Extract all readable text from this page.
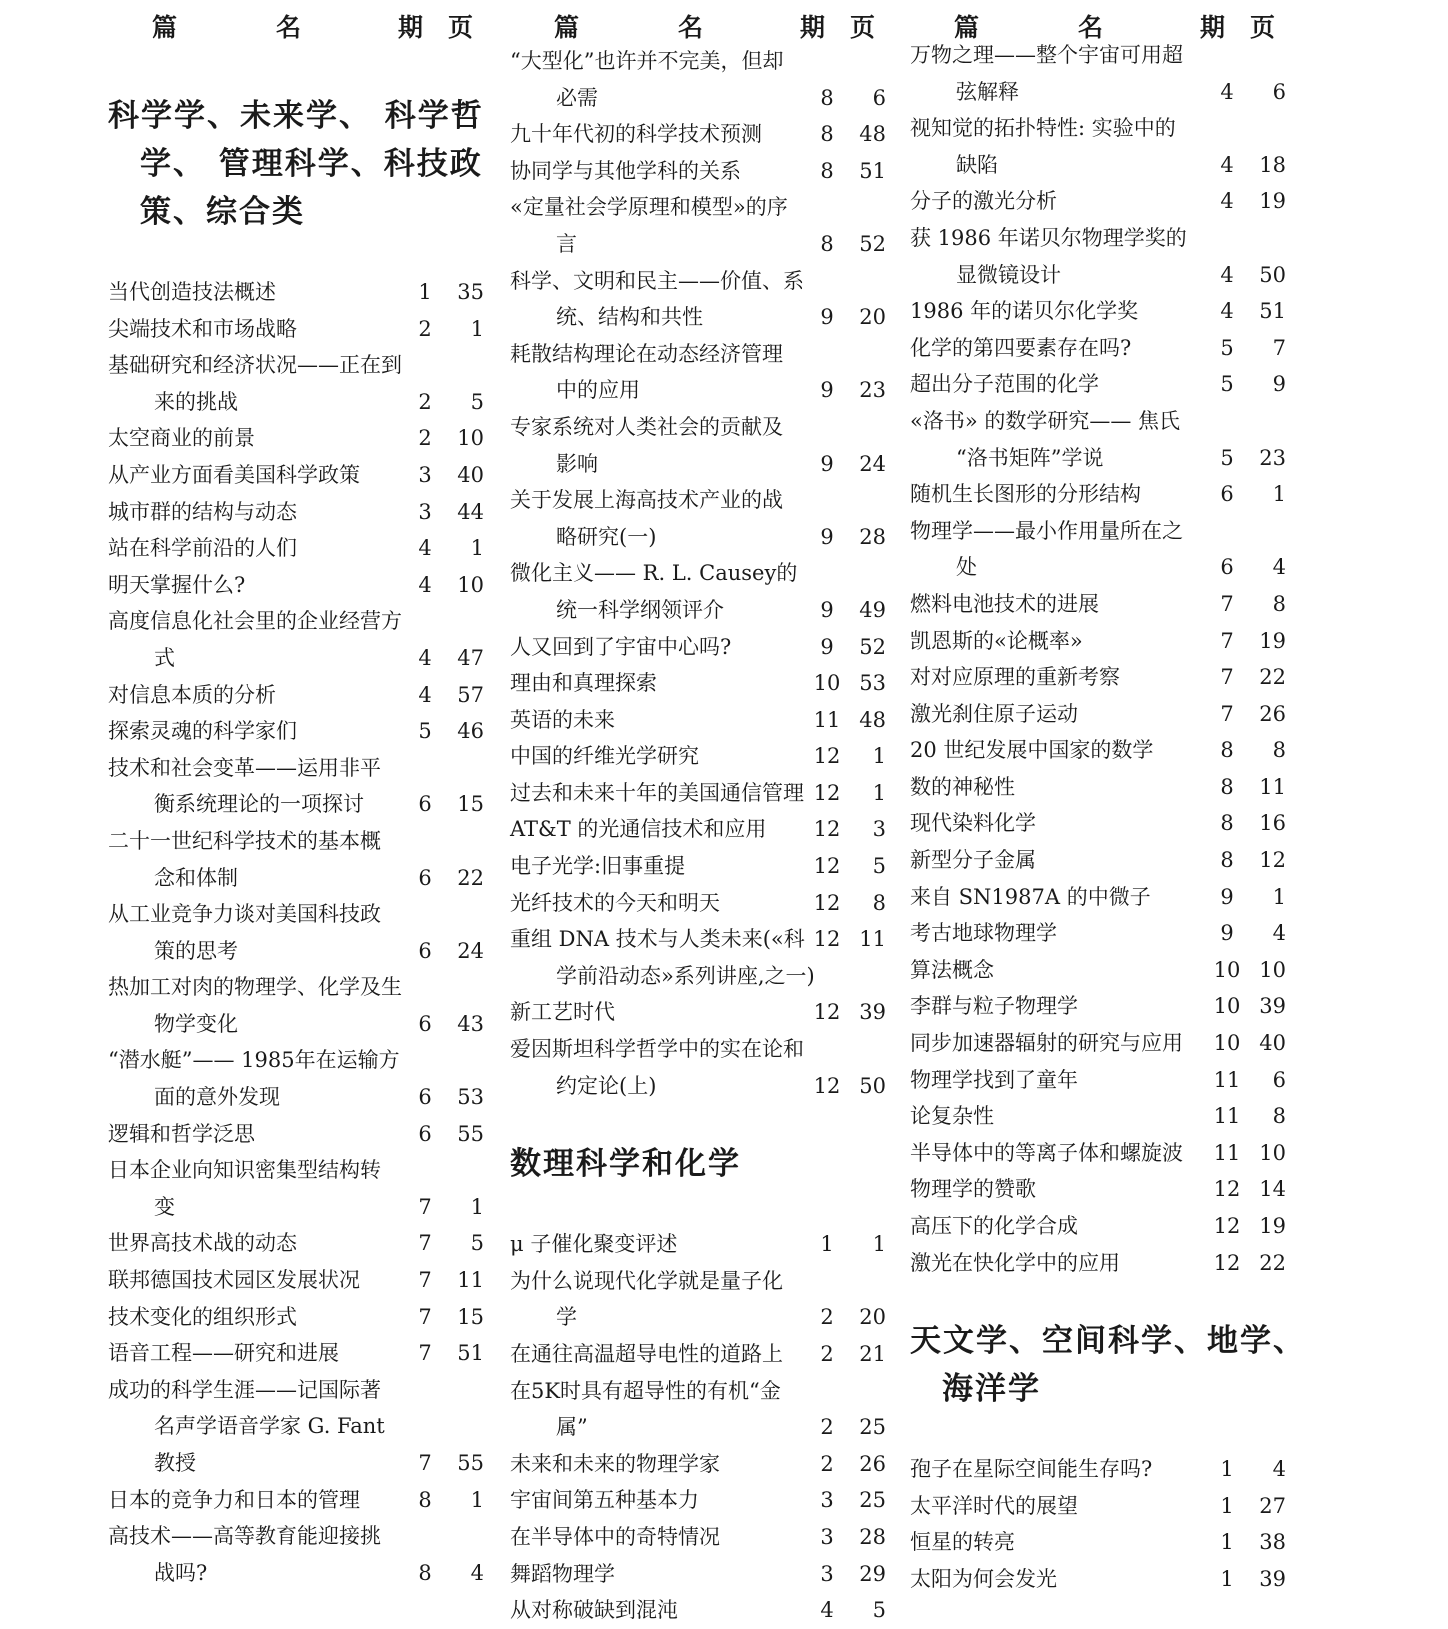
篇	名	期 页
科学学、未来学、 科学哲
学、 管理科学、科技政
策、综合类
当代创造技法概述	1	35
尖端技术和市场战略	2	1
基础研究和经济状况——正在到
来的挑战	2	5
太空商业的前景	2	10
从产业方面看美国科学政策	3	40
城市群的结构与动态	3	44
站在科学前沿的人们	4	1
明天掌握什么?	4	10
高度信息化社会里的企业经营方
式	4	47
对信息本质的分析	4	57
探索灵魂的科学家们	5	46
技术和社会变革——运用非平
衡系统理论的一项探讨	6	15
二十一世纪科学技术的基本概
念和体制	6	22
从工业竞争力谈对美国科技政
策的思考	6	24
热加工对肉的物理学、化学及生
物学变化	6	43
“潜水艇”—— 1985年在运输方
面的意外发现	6	53
逻辑和哲学泛思	6	55
日本企业向知识密集型结构转
变	7	1
世界高技术战的动态	7	5
联邦德国技术园区发展状况	7	11
技术变化的组织形式	7	15
语音工程——研究和进展	7	51
成功的科学生涯——记国际著
名声学语音学家 G. Fant
教授	7	55
日本的竞争力和日本的管理	8	1
高技术——高等教育能迎接挑
战吗?	8	4
篇	名	期 页
“大型化”也许并不完美，但却
必需	8	6
九十年代初的科学技术预测	8	48
协同学与其他学科的关系	8	51
«定量社会学原理和模型»的序
言	8	52
科学、文明和民主——价值、系
统、结构和共性	9	20
耗散结构理论在动态经济管理
中的应用	9	23
专家系统对人类社会的贡献及
影响	9	24
关于发展上海高技术产业的战
略研究(一)	9	28
微化主义—— R. L. Causey的
统一科学纲领评介	9	49
人又回到了宇宙中心吗?	9	52
理由和真理探索	10 53
英语的未来	11 48
中国的纤维光学研究	12	1
过去和未来十年的美国通信管理 12	1
AT&T 的光通信技术和应用	12	3
电子光学:旧事重提	12	5
光纤技术的今天和明天	12	8
重组 DNA 技术与人类未来(«科
学前沿动态»系列讲座,之一)
12 11
新工艺时代	12 39
爱因斯坦科学哲学中的实在论和
约定论(上)	12 50
数理科学和化学
μ 子催化聚变评述	1	1
为什么说现代化学就是量子化
学	2	20
在通往高温超导电性的道路上	2	21
在5K时具有超导性的有机“金
属”	2	25
未来和未来的物理学家	2	26
宇宙间第五种基本力	3	25
在半导体中的奇特情况	3	28
舞蹈物理学	3	29
从对称破缺到混沌	4	5
篇	名	期 页
万物之理——整个宇宙可用超
弦解释	4	6
视知觉的拓扑特性: 实验中的
缺陷	4	18
分子的激光分析	4	19
获 1986 年诺贝尔物理学奖的
显微镜设计	4	50
1986 年的诺贝尔化学奖	4	51
化学的第四要素存在吗?	5	7
超出分子范围的化学	5	9
«洛书» 的数学研究—— 焦氏
“洛书矩阵”学说	5	23
随机生长图形的分形结构	6	1
物理学——最小作用量所在之
处	6	4
燃料电池技术的进展	7	8
凯恩斯的«论概率»	7	19
对对应原理的重新考察	7	22
激光刹住原子运动	7	26
20 世纪发展中国家的数学	8	8
数的神秘性	8	11
现代染料化学	8	16
新型分子金属	8	12
来自 SN1987A 的中微子	9	1
考古地球物理学	9	4
算法概念	10 10
李群与粒子物理学	10 39
同步加速器辐射的研究与应用	10 40
物理学找到了童年	11	6
论复杂性	11	8
半导体中的等离子体和螺旋波	11 10
物理学的赞歌	12 14
高压下的化学合成	12 19
激光在快化学中的应用	12 22
天文学、空间科学、地学、
海洋学
孢子在星际空间能生存吗?	1	4
太平洋时代的展望	1	27
恒星的转亮	1	38
太阳为何会发光	1	39
